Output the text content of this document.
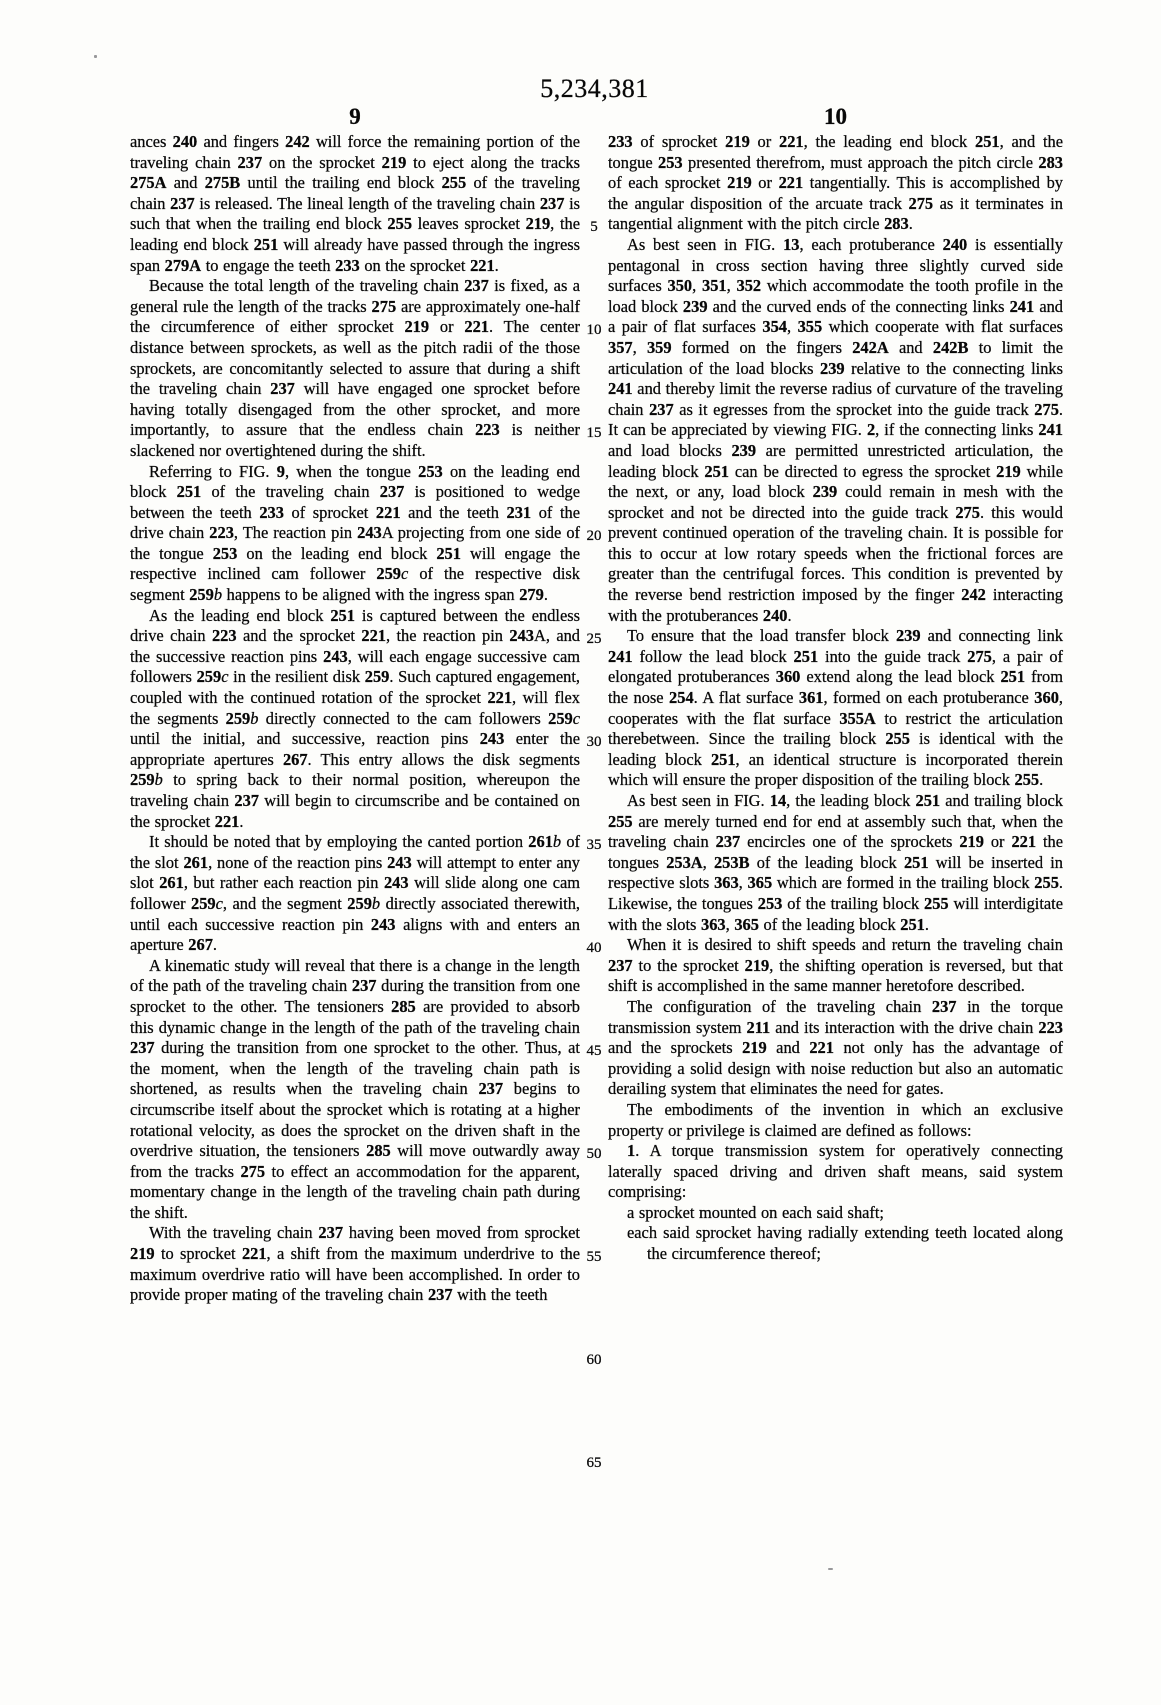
5,234,381
9	10

ances 240 and fingers 242 will force the remaining portion of the traveling chain 237 on the sprocket 219 to eject along the tracks 275A and 275B until the trailing end block 255 of the traveling chain 237 is released. The lineal length of the traveling chain 237 is such that when the trailing end block 255 leaves sprocket 219, the leading end block 251 will already have passed through the ingress span 279A to engage the teeth 233 on the sprocket 221.

Because the total length of the traveling chain 237 is fixed, as a general rule the length of the tracks 275 are approximately one-half the circumference of either sprocket 219 or 221. The center distance between sprockets, as well as the pitch radii of the those sprockets, are concomitantly selected to assure that during a shift the traveling chain 237 will have engaged one sprocket before having totally disengaged from the other sprocket, and more importantly, to assure that the endless chain 223 is neither slackened nor overtightened during the shift.

Referring to FIG. 9, when the tongue 253 on the leading end block 251 of the traveling chain 237 is positioned to wedge between the teeth 233 of sprocket 221 and the teeth 231 of the drive chain 223, The reaction pin 243A projecting from one side of the tongue 253 on the leading end block 251 will engage the respective inclined cam follower 259c of the respective disk segment 259b happens to be aligned with the ingress span 279.

As the leading end block 251 is captured between the endless drive chain 223 and the sprocket 221, the reaction pin 243A, and the successive reaction pins 243, will each engage successive cam followers 259c in the resilient disk 259. Such captured engagement, coupled with the continued rotation of the sprocket 221, will flex the segments 259b directly connected to the cam followers 259c until the initial, and successive, reaction pins 243 enter the appropriate apertures 267. This entry allows the disk segments 259b to spring back to their normal position, whereupon the traveling chain 237 will begin to circumscribe and be contained on the sprocket 221.

It should be noted that by employing the canted portion 261b of the slot 261, none of the reaction pins 243 will attempt to enter any slot 261, but rather each reaction pin 243 will slide along one cam follower 259c, and the segment 259b directly associated therewith, until each successive reaction pin 243 aligns with and enters an aperture 267.

A kinematic study will reveal that there is a change in the length of the path of the traveling chain 237 during the transition from one sprocket to the other. The tensioners 285 are provided to absorb this dynamic change in the length of the path of the traveling chain 237 during the transition from one sprocket to the other. Thus, at the moment, when the length of the traveling chain path is shortened, as results when the traveling chain 237 begins to circumscribe itself about the sprocket which is rotating at a higher rotational velocity, as does the sprocket on the driven shaft in the overdrive situation, the tensioners 285 will move outwardly away from the tracks 275 to effect an accommodation for the apparent, momentary change in the length of the traveling chain path during the shift.

With the traveling chain 237 having been moved from sprocket 219 to sprocket 221, a shift from the maximum underdrive to the maximum overdrive ratio will have been accomplished. In order to provide proper mating of the traveling chain 237 with the teeth

5
10
15
20
25
30
35
40
45
50
55
60
65

233 of sprocket 219 or 221, the leading end block 251, and the tongue 253 presented therefrom, must approach the pitch circle 283 of each sprocket 219 or 221 tangentially. This is accomplished by the angular disposition of the arcuate track 275 as it terminates in tangential alignment with the pitch circle 283.

As best seen in FIG. 13, each protuberance 240 is essentially pentagonal in cross section having three slightly curved side surfaces 350, 351, 352 which accommodate the tooth profile in the load block 239 and the curved ends of the connecting links 241 and a pair of flat surfaces 354, 355 which cooperate with flat surfaces 357, 359 formed on the fingers 242A and 242B to limit the articulation of the load blocks 239 relative to the connecting links 241 and thereby limit the reverse radius of curvature of the traveling chain 237 as it egresses from the sprocket into the guide track 275. It can be appreciated by viewing FIG. 2, if the connecting links 241 and load blocks 239 are permitted unrestricted articulation, the leading block 251 can be directed to egress the sprocket 219 while the next, or any, load block 239 could remain in mesh with the sprocket and not be directed into the guide track 275. this would prevent continued operation of the traveling chain. It is possible for this to occur at low rotary speeds when the frictional forces are greater than the centrifugal forces. This condition is prevented by the reverse bend restriction imposed by the finger 242 interacting with the protuberances 240.

To ensure that the load transfer block 239 and connecting link 241 follow the lead block 251 into the guide track 275, a pair of elongated protuberances 360 extend along the lead block 251 from the nose 254. A flat surface 361, formed on each protuberance 360, cooperates with the flat surface 355A to restrict the articulation therebetween. Since the trailing block 255 is identical with the leading block 251, an identical structure is incorporated therein which will ensure the proper disposition of the trailing block 255.

As best seen in FIG. 14, the leading block 251 and trailing block 255 are merely turned end for end at assembly such that, when the traveling chain 237 encircles one of the sprockets 219 or 221 the tongues 253A, 253B of the leading block 251 will be inserted in respective slots 363, 365 which are formed in the trailing block 255. Likewise, the tongues 253 of the trailing block 255 will interdigitate with the slots 363, 365 of the leading block 251.

When it is desired to shift speeds and return the traveling chain 237 to the sprocket 219, the shifting operation is reversed, but that shift is accomplished in the same manner heretofore described.

The configuration of the traveling chain 237 in the torque transmission system 211 and its interaction with the drive chain 223 and the sprockets 219 and 221 not only has the advantage of providing a solid design with noise reduction but also an automatic derailing system that eliminates the need for gates.

The embodiments of the invention in which an exclusive property or privilege is claimed are defined as follows:

1. A torque transmission system for operatively connecting laterally spaced driving and driven shaft means, said system comprising:

a sprocket mounted on each said shaft;

each said sprocket having radially extending teeth located along the circumference thereof;
